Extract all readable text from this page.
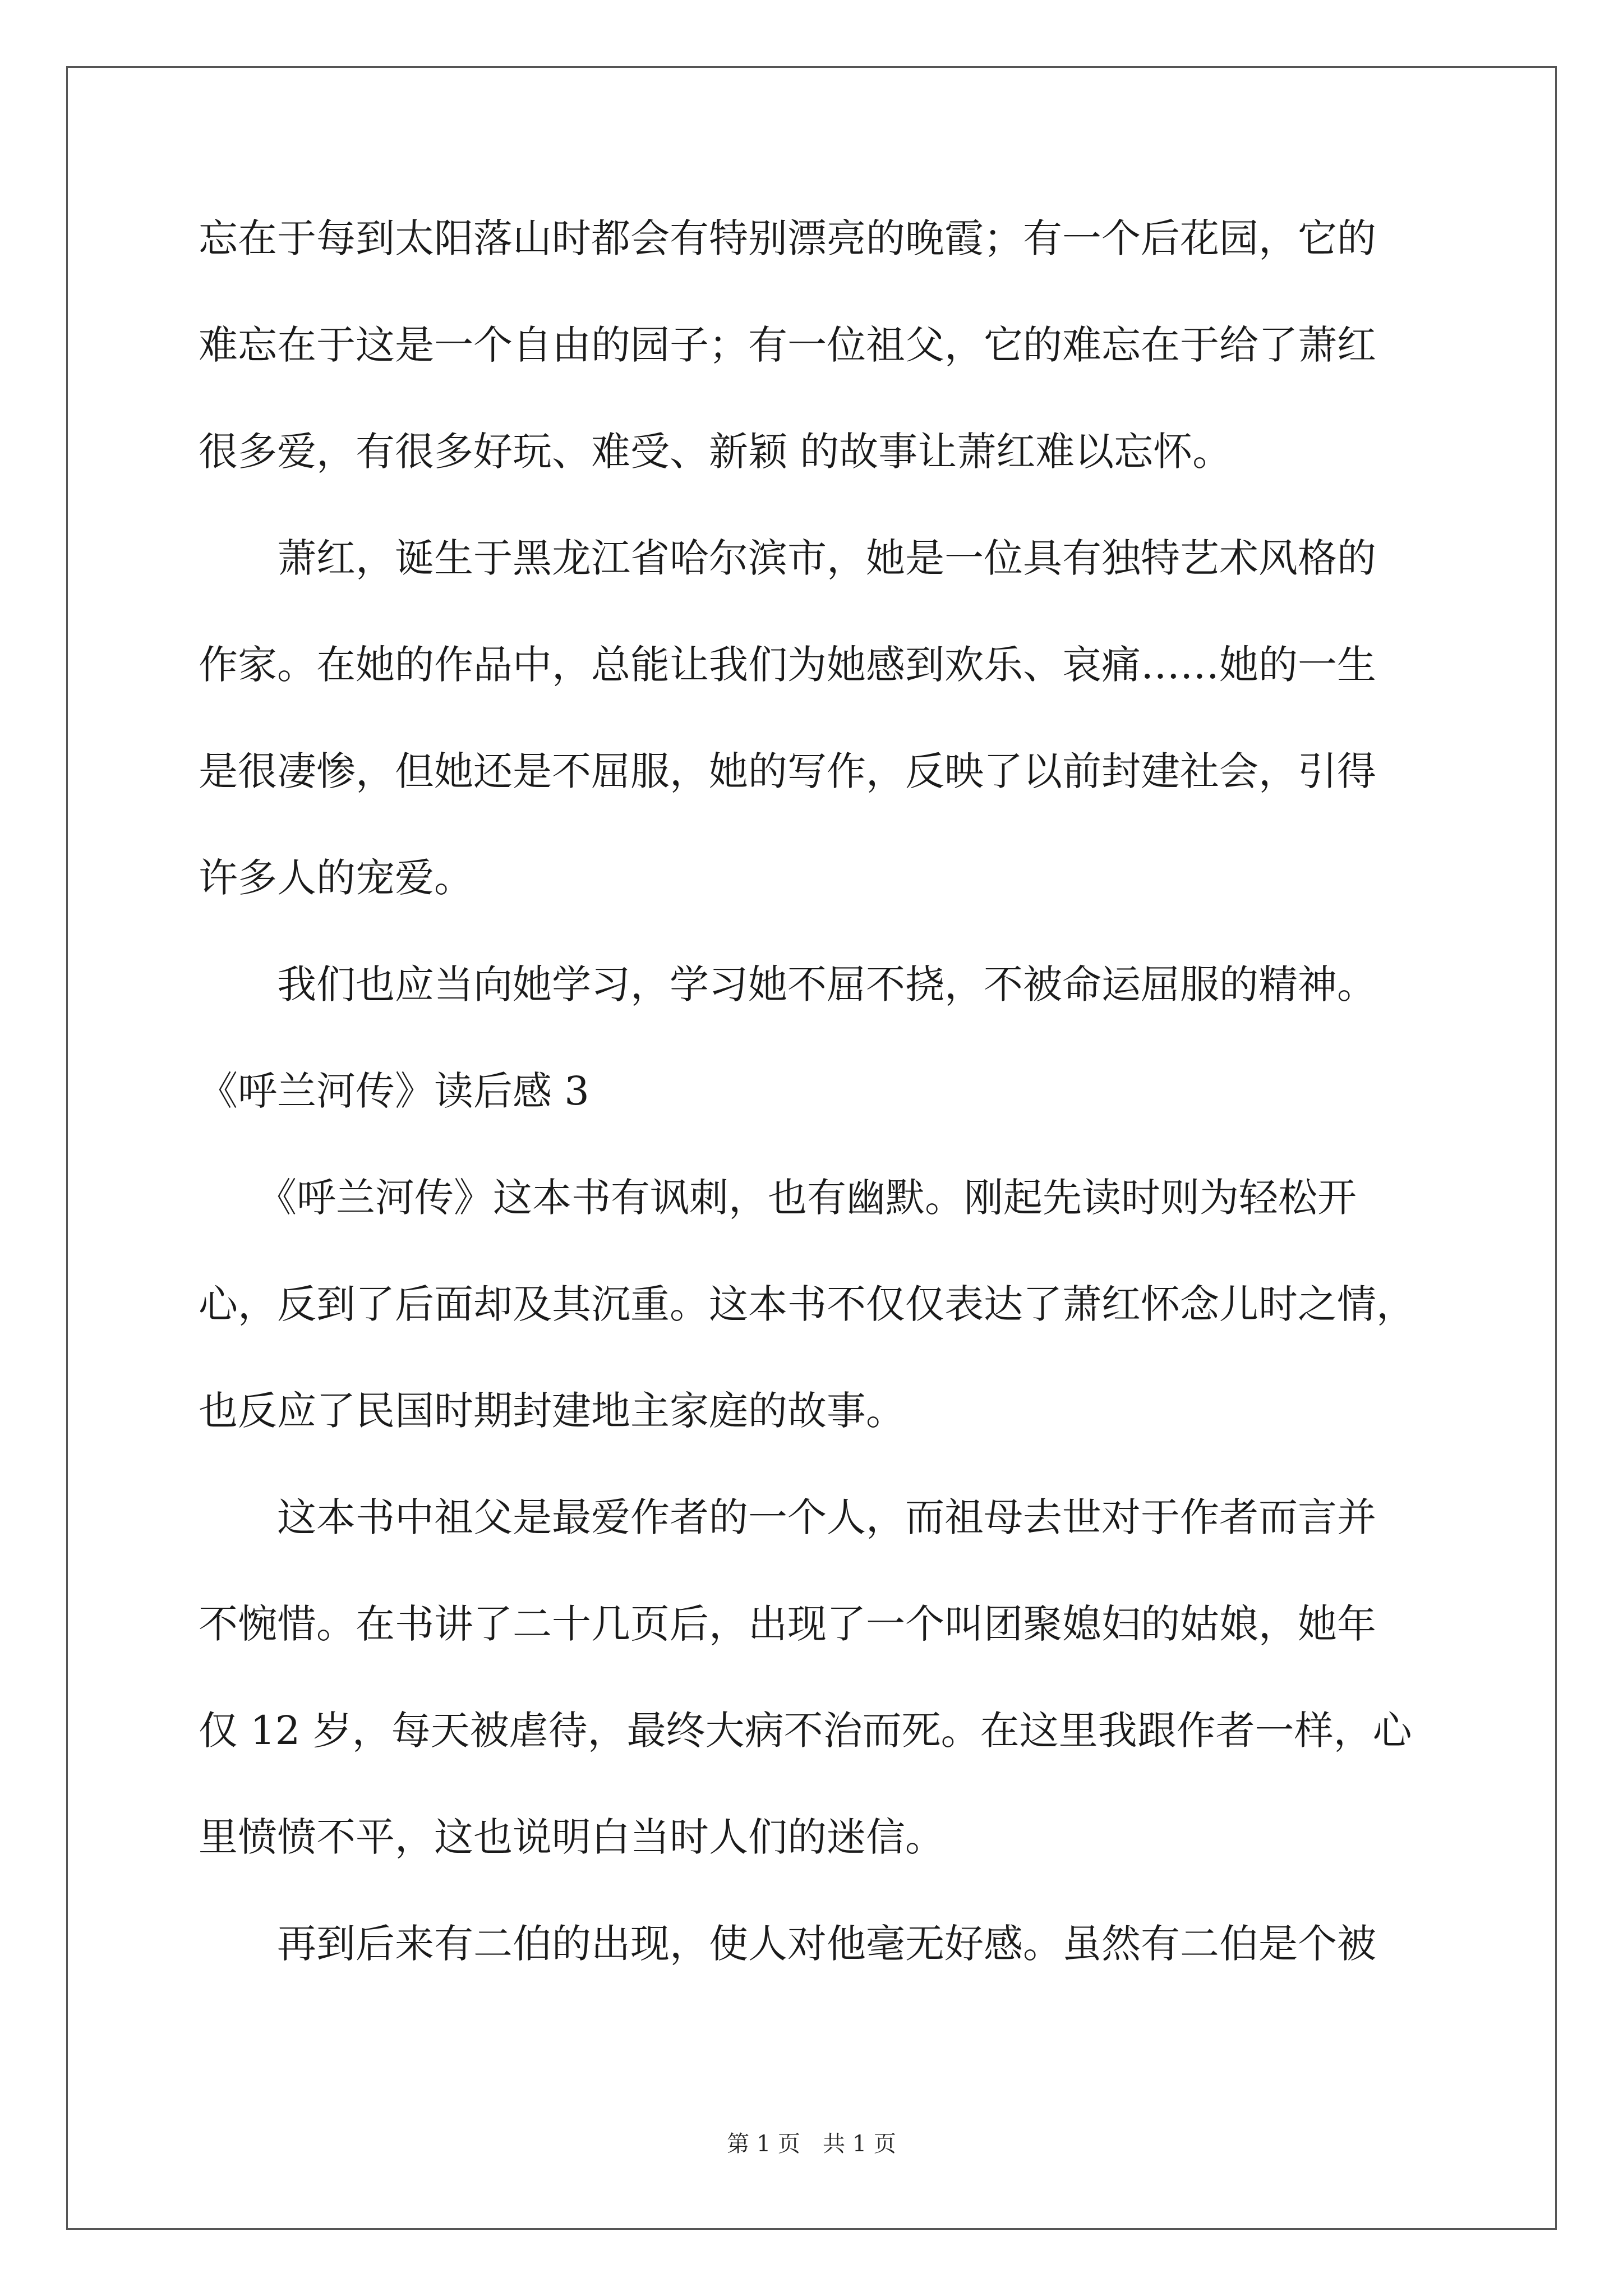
忘在于每到太阳落山时都会有特别漂亮的晚霞；有一个后花园，它的
难忘在于这是一个自由的园子；有一位祖父，它的难忘在于给了萧红
很多爱，有很多好玩、难受、新颖 的故事让萧红难以忘怀。
　　萧红，诞生于黑龙江省哈尔滨市，她是一位具有独特艺术风格的
作家。在她的作品中，总能让我们为她感到欢乐、哀痛……她的一生
是很凄惨，但她还是不屈服，她的写作，反映了以前封建社会，引得
许多人的宠爱。
　　我们也应当向她学习，学习她不屈不挠，不被命运屈服的精神。
《呼兰河传》读后感 3
　　《呼兰河传》这本书有讽刺，也有幽默。刚起先读时则为轻松开
心，反到了后面却及其沉重。这本书不仅仅表达了萧红怀念儿时之情，
也反应了民国时期封建地主家庭的故事。
　　这本书中祖父是最爱作者的一个人，而祖母去世对于作者而言并
不惋惜。在书讲了二十几页后，出现了一个叫团聚媳妇的姑娘，她年
仅 12 岁，每天被虐待，最终大病不治而死。在这里我跟作者一样，心
里愤愤不平，这也说明白当时人们的迷信。
　　再到后来有二伯的出现，使人对他毫无好感。虽然有二伯是个被
第 1 页　共 1 页
